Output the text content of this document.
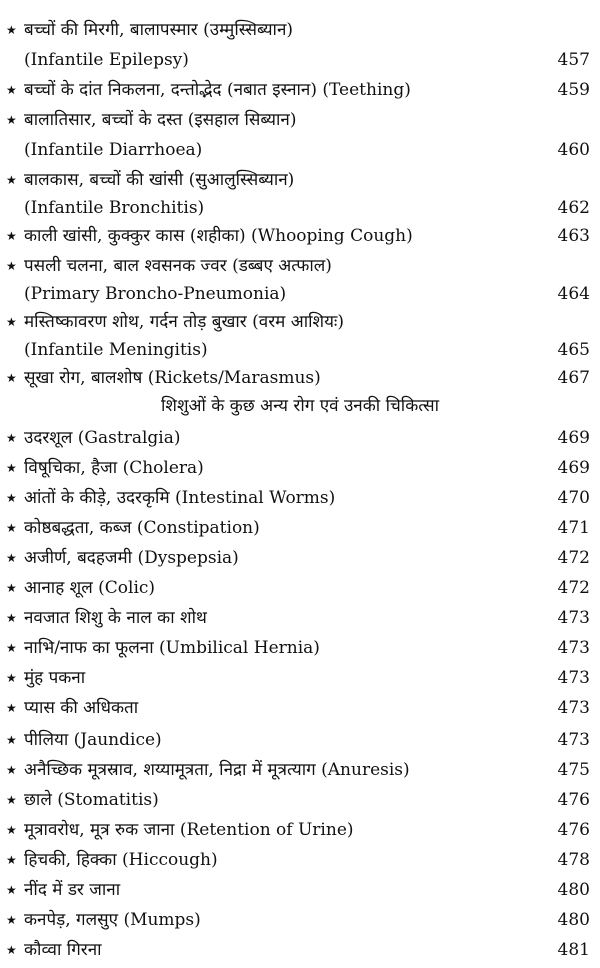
★ बच्चों की मिरगी, बालापस्मार (उम्मुस्सिब्यान)
(Infantile Epilepsy)	457
★ बच्चों के दांत निकलना, दन्तोद्भेद (नबात इस्नान) (Teething)	459
★ बालातिसार, बच्चों के दस्त (इसहाल सिब्यान)
(Infantile Diarrhoea)	460
★ बालकास, बच्चों की खांसी (सुआलुस्सिब्यान)
(Infantile Bronchitis)	462
★ काली खांसी, कुक्कुर कास (शहीका) (Whooping Cough)	463
★ पसली चलना, बाल श्वसनक ज्वर (डब्बए अत्फाल)
(Primary Broncho-Pneumonia)	464
★ मस्तिष्कावरण शोथ, गर्दन तोड़ बुखार (वरम आशियः)
(Infantile Meningitis)	465
★ सूखा रोग, बालशोष (Rickets/Marasmus)	467
शिशुओं के कुछ अन्य रोग एवं उनकी चिकित्सा
★ उदरशूल (Gastralgia)	469
★ विषूचिका, हैजा (Cholera)	469
★ आंतों के कीड़े, उदरकृमि (Intestinal Worms)	470
★ कोष्ठबद्धता, कब्ज (Constipation)	471
★ अजीर्ण, बदहजमी (Dyspepsia)	472
★ आनाह शूल (Colic)	472
★ नवजात शिशु के नाल का शोथ	473
★ नाभि/नाफ का फूलना (Umbilical Hernia)	473
★ मुंह पकना	473
★ प्यास की अधिकता	473
★ पीलिया (Jaundice)	473
★ अनैच्छिक मूत्रस्राव, शय्यामूत्रता, निद्रा में मूत्रत्याग (Anuresis)	475
★ छाले (Stomatitis)	476
★ मूत्रावरोध, मूत्र रुक जाना (Retention of Urine)	476
★ हिचकी, हिक्का (Hiccough)	478
★ नींद में डर जाना	480
★ कनपेड़, गलसुए (Mumps)	480
★ कौव्वा गिरना	481
